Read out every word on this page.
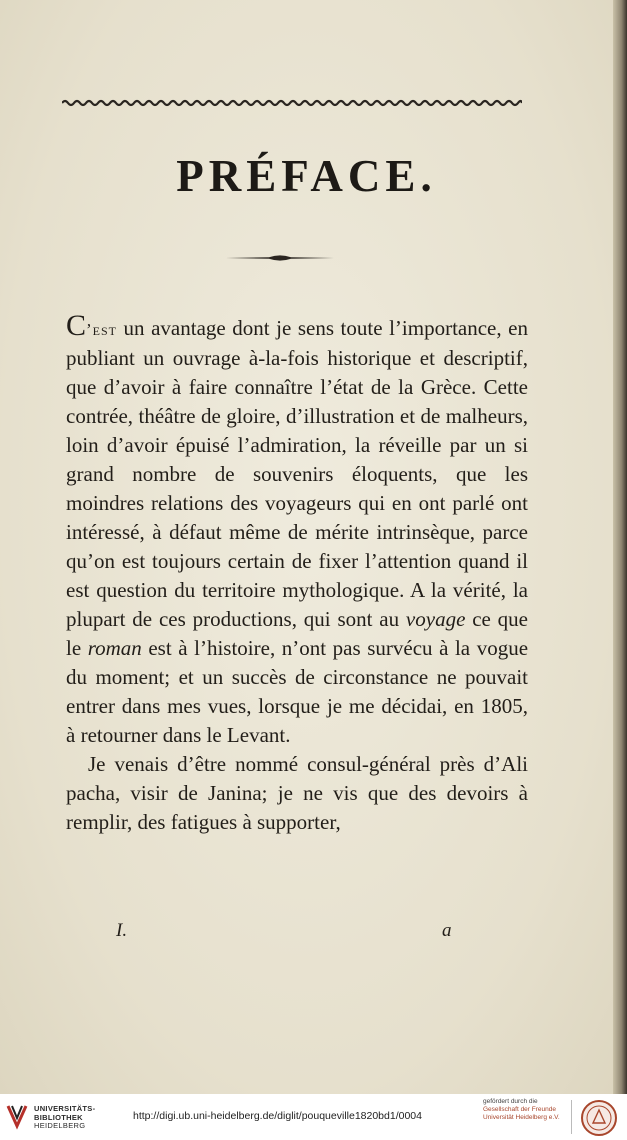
PRÉFACE.

C’est un avantage dont je sens toute l’importance, en publiant un ouvrage à-la-fois historique et descriptif, que d’avoir à faire connaître l’état de la Grèce. Cette contrée, théâtre de gloire, d’illustration et de malheurs, loin d’avoir épuisé l’admiration, la réveille par un si grand nombre de souvenirs éloquents, que les moindres relations des voyageurs qui en ont parlé ont intéressé, à défaut même de mérite intrinsèque, parce qu’on est toujours certain de fixer l’attention quand il est question du territoire mythologique. A la vérité, la plupart de ces productions, qui sont au voyage ce que le roman est à l’histoire, n’ont pas survécu à la vogue du moment; et un succès de circonstance ne pouvait entrer dans mes vues, lorsque je me décidai, en 1805, à retourner dans le Levant.

Je venais d’être nommé consul-général près d’Ali pacha, visir de Janina; je ne vis que des devoirs à remplir, des fatigues à supporter,

I.	a
UNIVERSITÄTS-
BIBLIOTHEK
HEIDELBERG
http://digi.ub.uni-heidelberg.de/diglit/pouqueville1820bd1/0004
gefördert durch die
Gesellschaft der Freunde
Universität Heidelberg e.V.
